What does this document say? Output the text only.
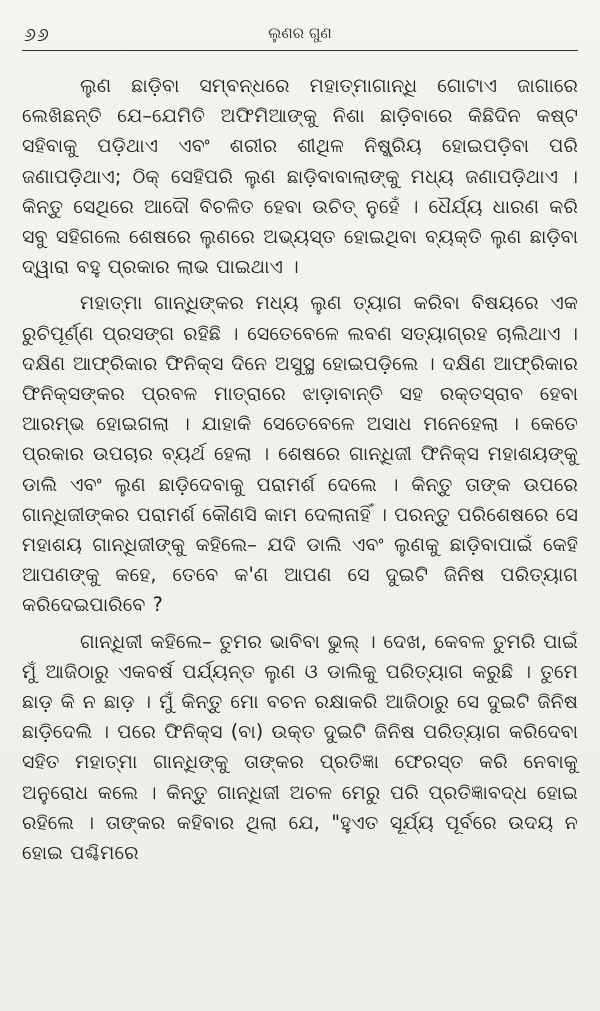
୬୬	ଲୁଣର ଗୁଣ

ଲୁଣ ଛାଡ଼ିବା ସମ୍ବନ୍ଧରେ ମହାତ୍ମାଗାନ୍ଧି ଗୋଟାଏ ଜାଗାରେ ଲେଖିଛନ୍ତି ଯେ–ଯେମିତି ଅଫିମିଆଙ୍କୁ ନିଶା ଛାଡ଼ିବାରେ କିଛିଦିନ କଷ୍ଟ ସହିବାକୁ ପଡ଼ିଥାଏ ଏବଂ ଶରୀର ଶୀଥିଳ ନିଷ୍କ୍ରିୟ ହୋଇପଡ଼ିବା ପରି ଜଣାପଡ଼ିଥାଏ; ଠିକ୍ ସେହିପରି ଲୁଣ ଛାଡ଼ିବାବାଲାଙ୍କୁ ମଧ୍ୟ ଜଣାପଡ଼ିଥାଏ । କିନ୍ତୁ ସେଥିରେ ଆଦୌ ବିଚଳିତ ହେବା ଉଚିତ୍ ନୁହେଁ । ଧୈର୍ଯ୍ୟ ଧାରଣ କରି ସବୁ ସହିଗଲେ ଶେଷରେ ଲୁଣରେ ଅଭ୍ୟସ୍ତ ହୋଇଥିବା ବ୍ୟକ୍ତି ଲୁଣ ଛାଡ଼ିବା ଦ୍ୱାରା ବହୁ ପ୍ରକାର ଲାଭ ପାଇଥାଏ ।

ମହାତ୍ମା ଗାନ୍ଧିଙ୍କର ମଧ୍ୟ ଲୁଣ ତ୍ୟାଗ କରିବା ବିଷୟରେ ଏକ ରୁଚିପୂର୍ଣ୍ଣ ପ୍ରସଙ୍ଗ ରହିଛି । ସେତେବେଳେ ଲବଣ ସତ୍ୟାଗ୍ରହ ଚାଲିଥାଏ । ଦକ୍ଷିଣ ଆଫ୍ରିକାର ଫିନିକ୍ସ ଦିନେ ଅସୁସ୍ଥ ହୋଇପଡ଼ିଲେ । ଦକ୍ଷିଣ ଆଫ୍ରିକାର ଫିନିକ୍ସଙ୍କର ପ୍ରବଳ ମାତ୍ରାରେ ଝାଡ଼ାବାନ୍ତି ସହ ରକ୍ତସ୍ରାବ ହେବା ଆରମ୍ଭ ହୋଇଗଲା । ଯାହାକି ସେତେବେଳେ ଅସାଧ ମନେହେଲା । କେତେ ପ୍ରକାର ଉପଚାର ବ୍ୟର୍ଥ ହେଲା । ଶେଷରେ ଗାନ୍ଧିଜୀ ଫିନିକ୍ସ ମହାଶୟଙ୍କୁ ଡାଲି ଏବଂ ଲୁଣ ଛାଡ଼ିଦେବାକୁ ପରାମର୍ଶ ଦେଲେ । କିନ୍ତୁ ତାଙ୍କ ଉପରେ ଗାନ୍ଧିଜୀଙ୍କର ପରାମର୍ଶ କୌଣସି କାମ ଦେଲାନାହିଁ । ପରନ୍ତୁ ପରିଶେଷରେ ସେ ମହାଶୟ ଗାନ୍ଧିଜୀଙ୍କୁ କହିଲେ– ଯଦି ଡାଲି ଏବଂ ଲୁଣକୁ ଛାଡ଼ିବାପାଇଁ କେହି ଆପଣଙ୍କୁ କହେ, ତେବେ କ'ଣ ଆପଣ ସେ ଦୁଇଟି ଜିନିଷ ପରିତ୍ୟାଗ କରିଦେଇପାରିବେ ?

ଗାନ୍ଧିଜୀ କହିଲେ– ତୁମର ଭାବିବା ଭୁଲ୍ । ଦେଖ, କେବଳ ତୁମରି ପାଇଁ ମୁଁ ଆଜିଠାରୁ ଏକବର୍ଷ ପର୍ଯ୍ୟନ୍ତ ଲୁଣ ଓ ଡାଲିକୁ ପରିତ୍ୟାଗ କରୁଛି । ତୁମେ ଛାଡ଼ କି ନ ଛାଡ଼ । ମୁଁ କିନ୍ତୁ ମୋ ବଚନ ରକ୍ଷାକରି ଆଜିଠାରୁ ସେ ଦୁଇଟି ଜିନିଷ ଛାଡ଼ିଦେଲି । ପରେ ଫିନିକ୍ସ (ବା) ଉକ୍ତ ଦୁଇଟି ଜିନିଷ ପରିତ୍ୟାଗ କରିଦେବା ସହିତ ମହାତ୍ମା ଗାନ୍ଧିଙ୍କୁ ତାଙ୍କର ପ୍ରତିଜ୍ଞା ଫେରସ୍ତ କରି ନେବାକୁ ଅନୁରୋଧ କଲେ । କିନ୍ତୁ ଗାନ୍ଧିଜୀ ଅଚଳ ମେରୁ ପରି ପ୍ରତିଜ୍ଞାବଦ୍ଧ ହୋଇ ରହିଲେ । ତାଙ୍କର କହିବାର ଥିଲା ଯେ, "ହୁଏତ ସୂର୍ଯ୍ୟ ପୂର୍ବରେ ଉଦୟ ନ ହୋଇ ପଶ୍ଚିମରେ
